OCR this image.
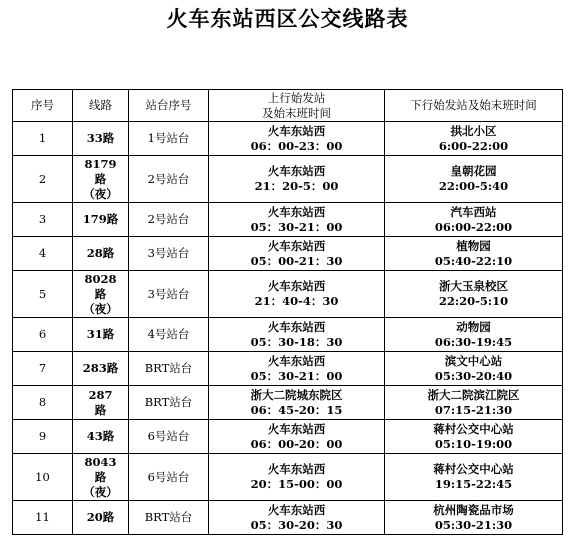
火车东站西区公交线路表
序号	线路	站台序号	上行始发站
及始末班时间	下行始发站及始末班时间
1	33路	1号站台	火车东站西
06：00-23：00	拱北小区
6:00-22:00

2	8179
路
（夜）	2号站台	火车东站西
21：20-5：00	皇朝花园
22:00-5:40

3	179路	2号站台	火车东站西
05：30-21：00	汽车西站
06:00-22:00

4	28路	3号站台	火车东站西
05：00-21：30	植物园
05:40-22:10

5	8028
路
（夜）	3号站台	火车东站西
21：40-4：30	浙大玉泉校区
22:20-5:10

6	31路	4号站台	火车东站西
05：30-18：30	动物园
06:30-19:45

7	283路	BRT站台	火车东站西
05：30-21：00	滨文中心站
05:30-20:40

8	287
路	BRT站台	浙大二院城东院区
06：45-20：15	浙大二院滨江院区
07:15-21:30

9	43路	6号站台	火车东站西
06：00-20：00	蒋村公交中心站
05:10-19:00

10	8043
路
（夜）	6号站台	火车东站西
20：15-00：00	蒋村公交中心站
19:15-22:45

11	20路	BRT站台	火车东站西
05：30-20：30	杭州陶瓷品市场
05:30-21:30
